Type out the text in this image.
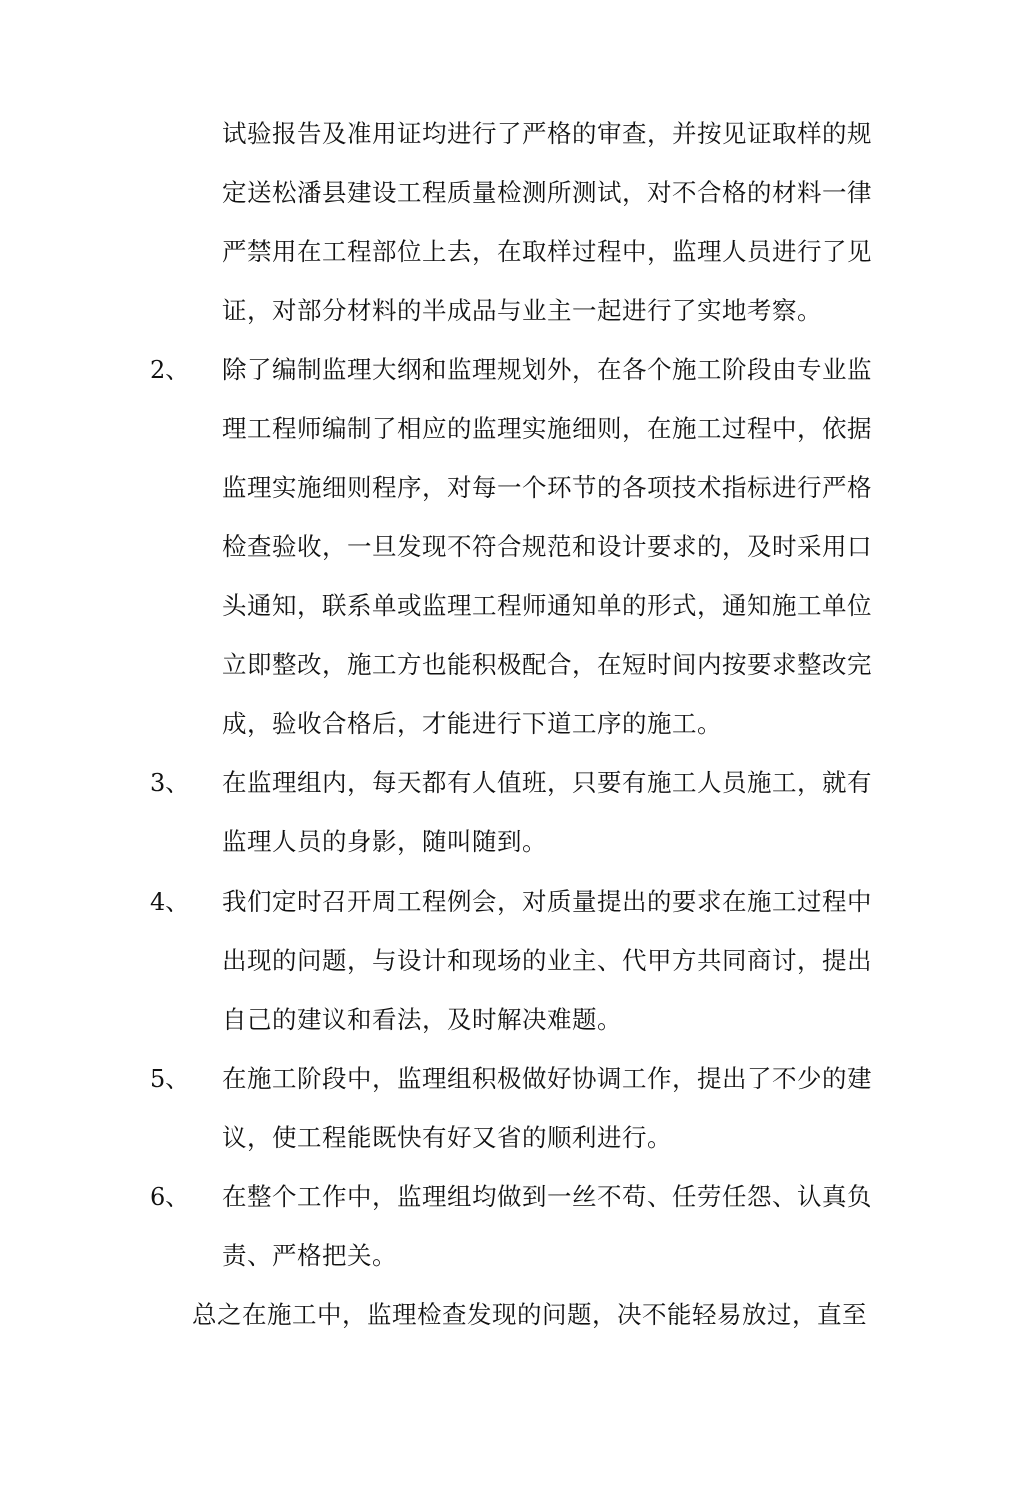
试验报告及准用证均进行了严格的审查，并按见证取样的规
定送松潘县建设工程质量检测所测试，对不合格的材料一律
严禁用在工程部位上去，在取样过程中，监理人员进行了见
证，对部分材料的半成品与业主一起进行了实地考察。
2、 除了编制监理大纲和监理规划外，在各个施工阶段由专业监
理工程师编制了相应的监理实施细则，在施工过程中，依据
监理实施细则程序，对每一个环节的各项技术指标进行严格
检查验收，一旦发现不符合规范和设计要求的，及时采用口
头通知，联系单或监理工程师通知单的形式，通知施工单位
立即整改，施工方也能积极配合，在短时间内按要求整改完
成，验收合格后，才能进行下道工序的施工。
3、 在监理组内，每天都有人值班，只要有施工人员施工，就有
监理人员的身影，随叫随到。
4、 我们定时召开周工程例会，对质量提出的要求在施工过程中
出现的问题，与设计和现场的业主、代甲方共同商讨，提出
自己的建议和看法，及时解决难题。
5、 在施工阶段中，监理组积极做好协调工作，提出了不少的建
议，使工程能既快有好又省的顺利进行。
6、 在整个工作中，监理组均做到一丝不苟、任劳任怨、认真负
责、严格把关。
总之在施工中，监理检查发现的问题，决不能轻易放过，直至
